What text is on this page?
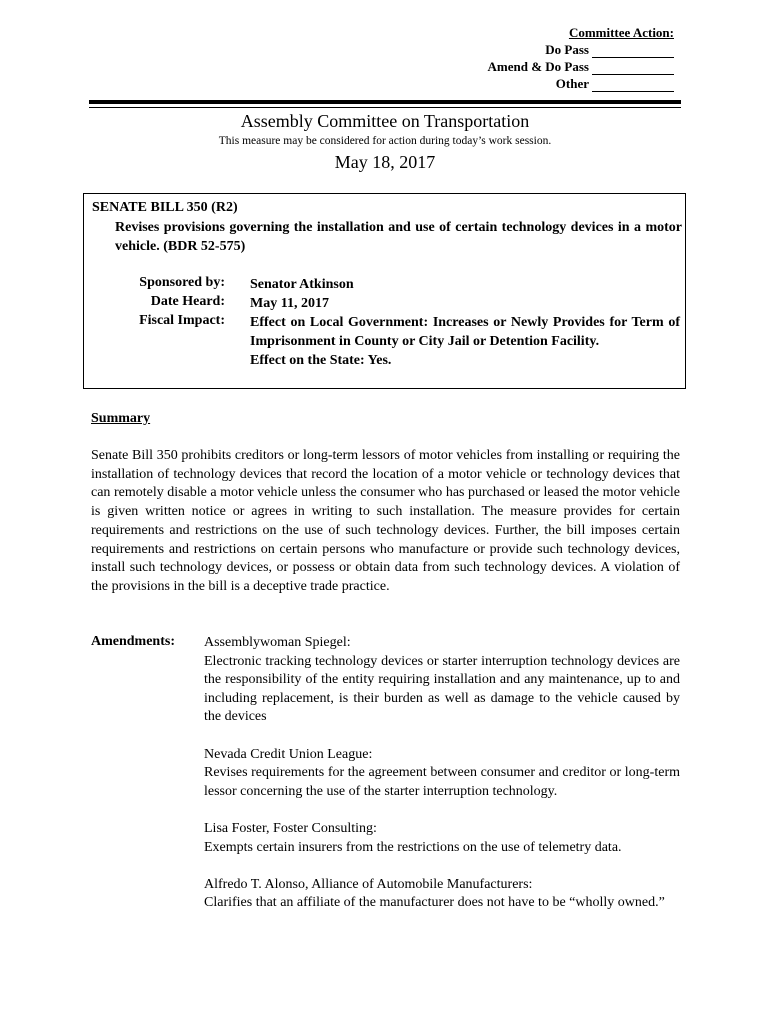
Committee Action:
Do Pass
Amend & Do Pass
Other
Assembly Committee on Transportation
This measure may be considered for action during today’s work session.
May 18, 2017
SENATE BILL 350 (R2)
Revises provisions governing the installation and use of certain technology devices in a motor vehicle. (BDR 52-575)
Sponsored by: Senator Atkinson
Date Heard: May 11, 2017
Fiscal Impact: Effect on Local Government: Increases or Newly Provides for Term of Imprisonment in County or City Jail or Detention Facility.
Effect on the State: Yes.
Summary
Senate Bill 350 prohibits creditors or long-term lessors of motor vehicles from installing or requiring the installation of technology devices that record the location of a motor vehicle or technology devices that can remotely disable a motor vehicle unless the consumer who has purchased or leased the motor vehicle is given written notice or agrees in writing to such installation. The measure provides for certain requirements and restrictions on the use of such technology devices. Further, the bill imposes certain requirements and restrictions on certain persons who manufacture or provide such technology devices, install such technology devices, or possess or obtain data from such technology devices. A violation of the provisions in the bill is a deceptive trade practice.
Amendments: Assemblywoman Spiegel:
Electronic tracking technology devices or starter interruption technology devices are the responsibility of the entity requiring installation and any maintenance, up to and including replacement, is their burden as well as damage to the vehicle caused by the devices
Nevada Credit Union League:
Revises requirements for the agreement between consumer and creditor or long-term lessor concerning the use of the starter interruption technology.
Lisa Foster, Foster Consulting:
Exempts certain insurers from the restrictions on the use of telemetry data.
Alfredo T. Alonso, Alliance of Automobile Manufacturers:
Clarifies that an affiliate of the manufacturer does not have to be “wholly owned.”
